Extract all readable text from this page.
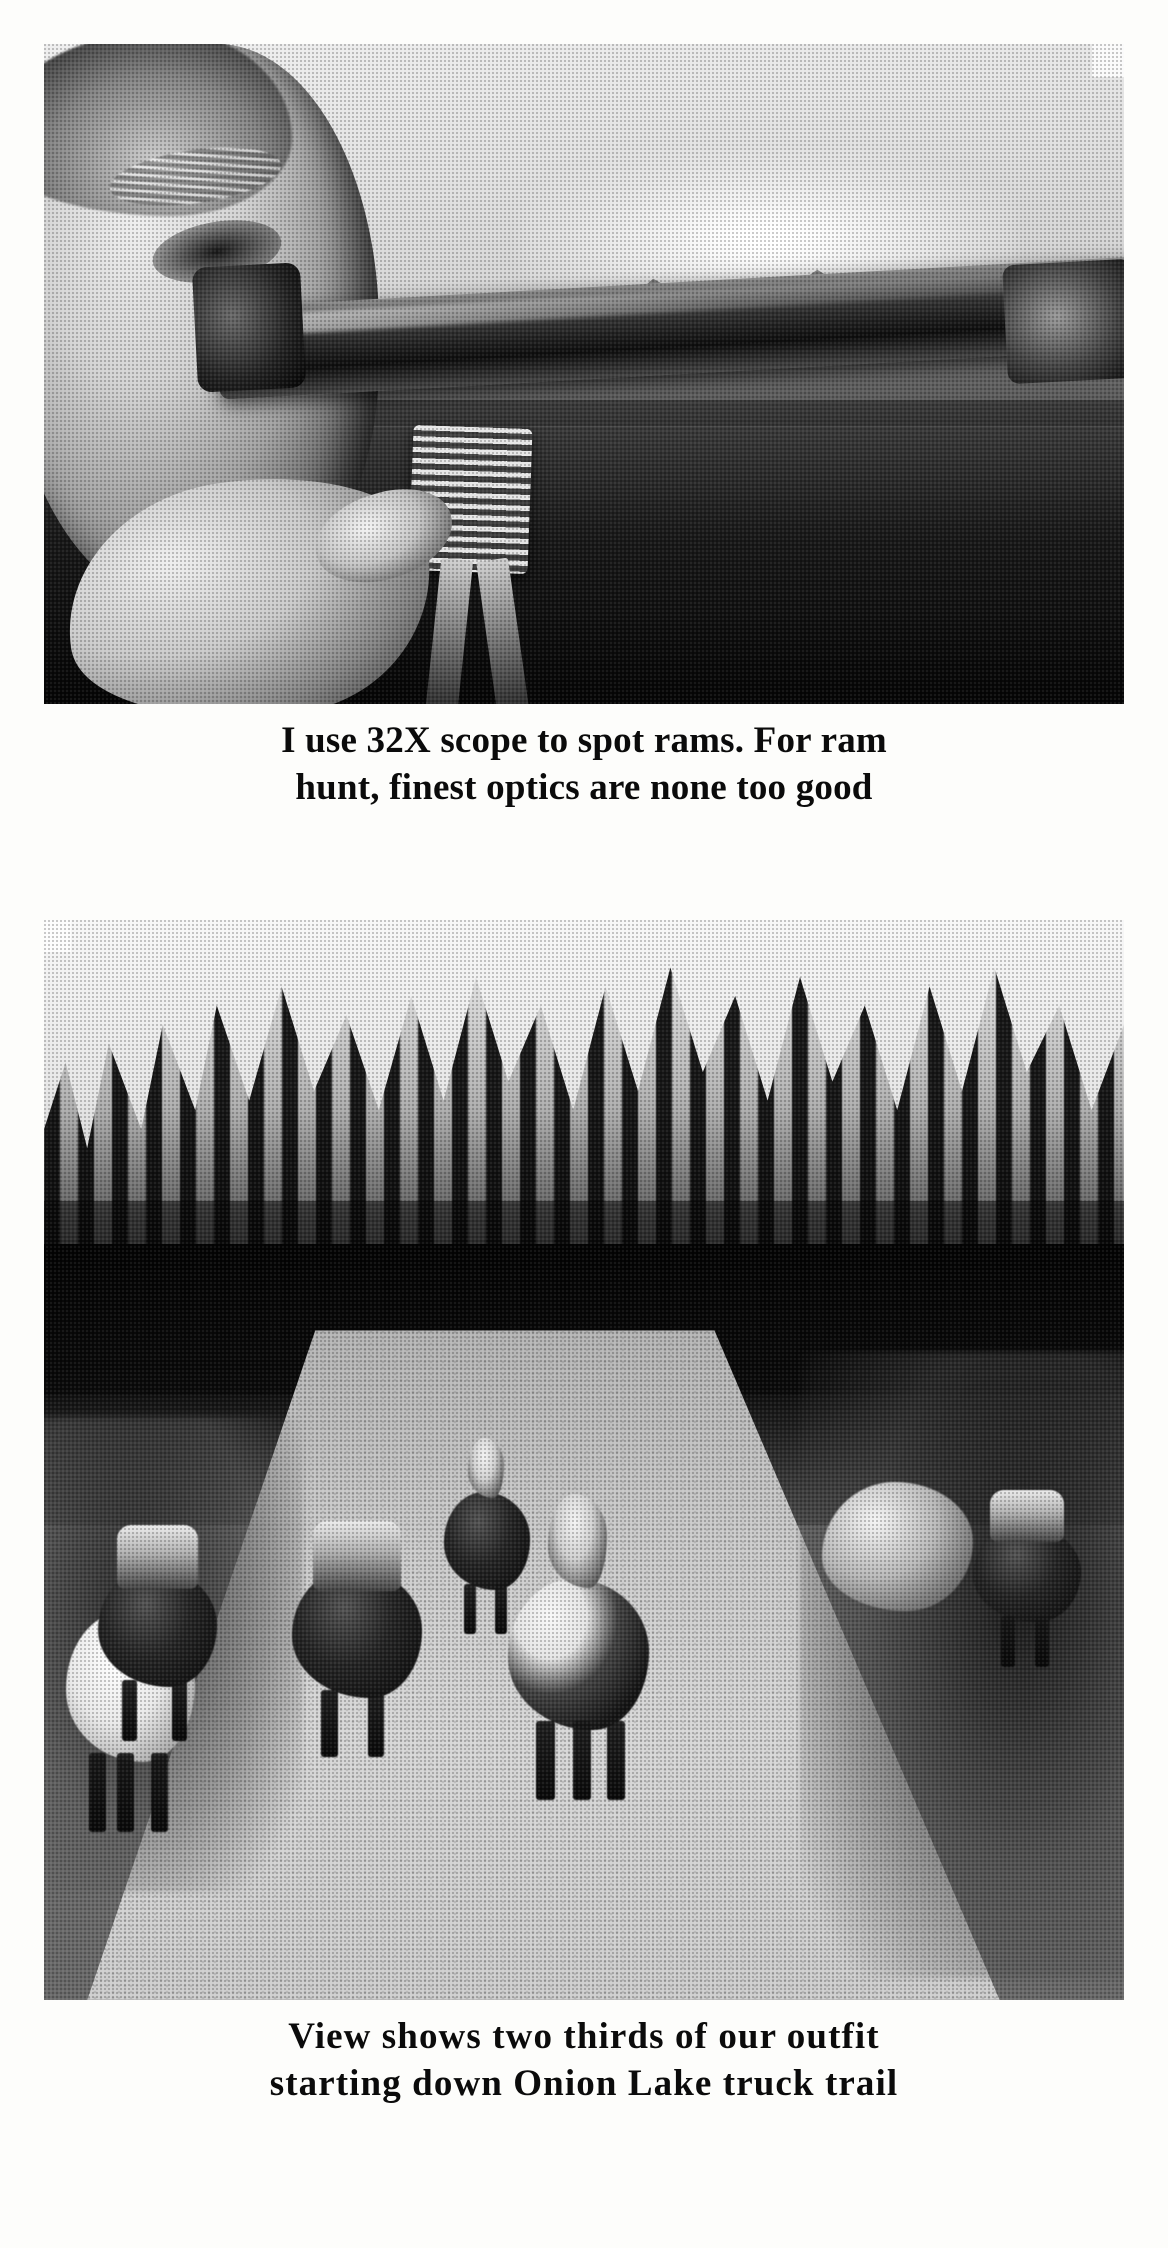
I use 32X scope to spot rams. For ram
hunt, finest optics are none too good
View shows two thirds of our outfit
starting down Onion Lake truck trail
